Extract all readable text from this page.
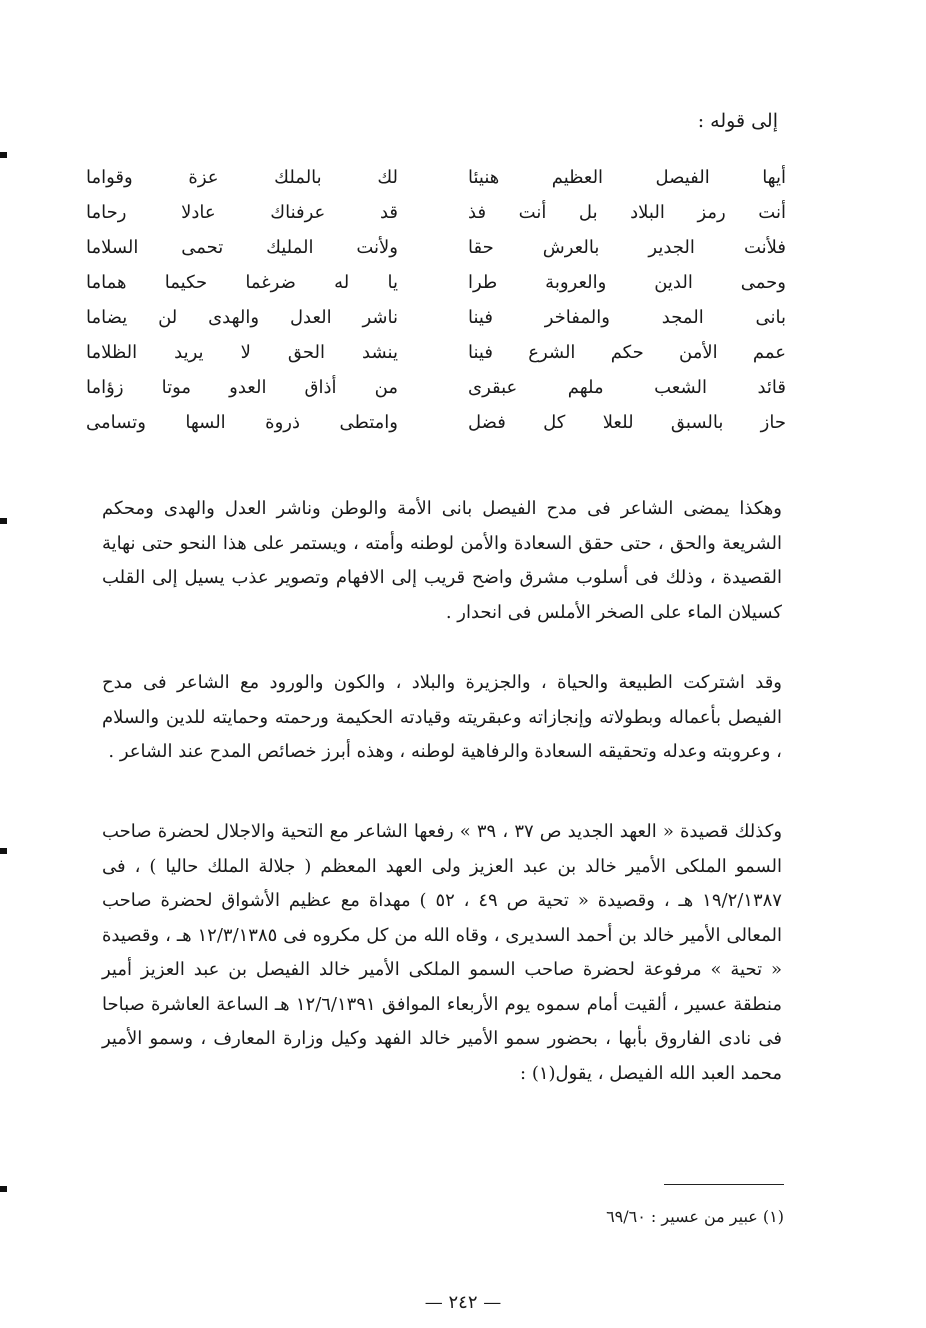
إلى قوله :
أيها الفيصل العظيم هنيئا
لك بالملك عزة وقواما
أنت رمز البلاد بل أنت فذ
قد عرفناك عادلا رحاما
فلأنت الجدير بالعرش حقا
ولأنت المليك تحمى السلاما
وحمى الدين والعروبة طرا
يا له ضرغما حكيما هماما
بانى المجد والمفاخر فينا
ناشر العدل والهدى لن يضاما
عمم الأمن حكم الشرع فينا
ينشد الحق لا يريد الظلاما
قائد الشعب ملهم عبقرى
من أذاق العدو موتا زؤاما
حاز بالسبق للعلا كل فضل
وامتطى ذروة السها وتسامى
وهكذا يمضى الشاعر فى مدح الفيصل بانى الأمة والوطن وناشر العدل والهدى ومحكم الشريعة والحق ، حتى حقق السعادة والأمن لوطنه وأمته ، ويستمر على هذا النحو حتى نهاية القصيدة ، وذلك فى أسلوب مشرق واضح قريب إلى الافهام وتصوير عذب يسيل إلى القلب كسيلان الماء على الصخر الأملس فى انحدار .
وقد اشتركت الطبيعة والحياة ، والجزيرة والبلاد ، والكون والورود مع الشاعر فى مدح الفيصل بأعماله وبطولاته وإنجازاته وعبقريته وقيادته الحكيمة ورحمته وحمايته للدين والسلام ، وعروبته وعدله وتحقيقه السعادة والرفاهية لوطنه ، وهذه أبرز خصائص المدح عند الشاعر .
وكذلك قصيدة « العهد الجديد ص ٣٧ ، ٣٩ » رفعها الشاعر مع التحية والاجلال لحضرة صاحب السمو الملكى الأمير خالد بن عبد العزيز ولى العهد المعظم ( جلالة الملك حاليا ) ، فى ١٩/٢/١٣٨٧ هـ ، وقصيدة « تحية ص ٤٩ ، ٥٢ ) مهداة مع عظيم الأشواق لحضرة صاحب المعالى الأمير خالد بن أحمد السديرى ، وقاه الله من كل مكروه فى ١٢/٣/١٣٨٥ هـ ، وقصيدة « تحية » مرفوعة لحضرة صاحب السمو الملكى الأمير خالد الفيصل بن عبد العزيز أمير منطقة عسير ، ألقيت أمام سموه يوم الأربعاء الموافق ١٢/٦/١٣٩١ هـ الساعة العاشرة صباحا فى نادى الفاروق بأبها ، بحضور سمو الأمير خالد الفهد وكيل وزارة المعارف ، وسمو الأمير محمد العبد الله الفيصل ، يقول(١) :
(١) عبير من عسير : ٦٩/٦٠
— ٢٤٢ —
